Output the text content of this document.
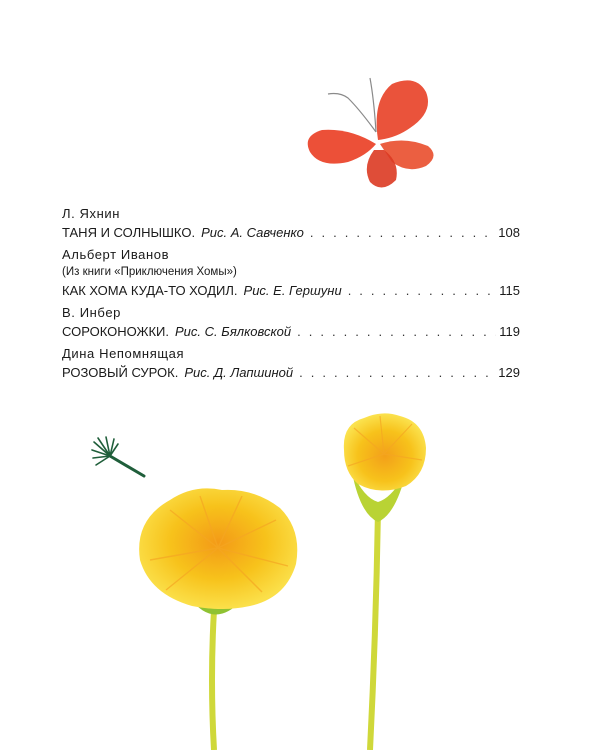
Л. Яхнин
ТАНЯ И СОЛНЫШКО. Рис. А. Савченко . . .	108
Альберт Иванов
(Из книги «Приключения Хомы»)
КАК ХОМА КУДА-ТО ХОДИЛ. Рис. Е. Гершуни . . .	115
В. Инбер
СОРОКОНОЖКИ. Рис. С. Бялковской . . .	119
Дина Непомнящая
РОЗОВЫЙ СУРОК. Рис. Д. Лапшиной . . .	129
